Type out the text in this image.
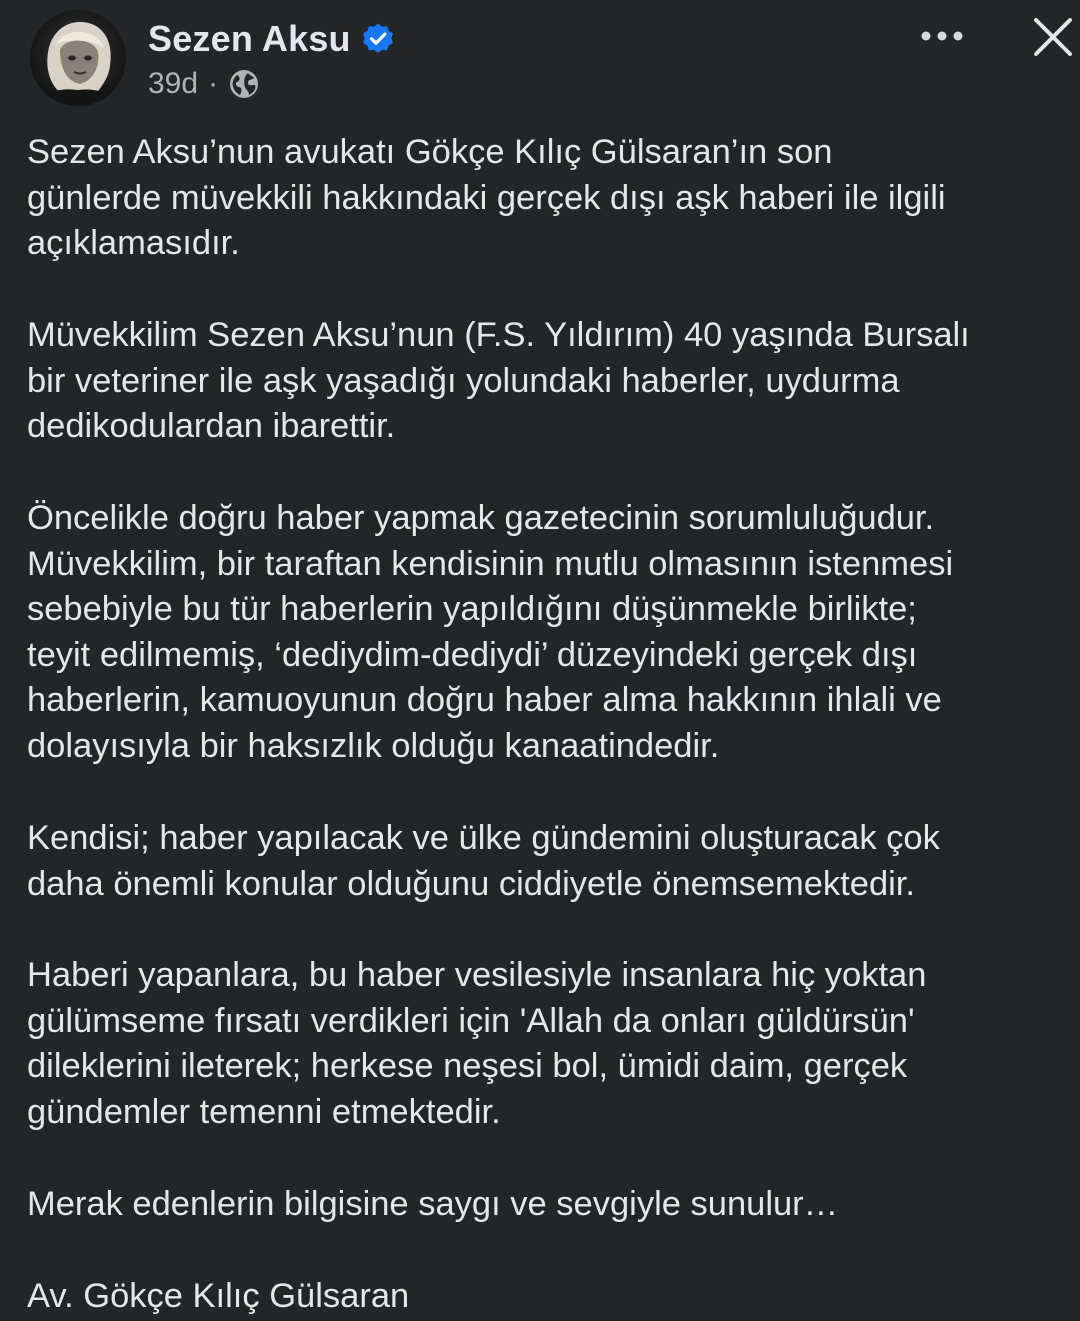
Sezen Aksu
39d ·

Sezen Aksu’nun avukatı Gökçe Kılıç Gülsaran’ın son
günlerde müvekkili hakkındaki gerçek dışı aşk haberi ile ilgili
açıklamasıdır.

Müvekkilim Sezen Aksu’nun (F.S. Yıldırım) 40 yaşında Bursalı
bir veteriner ile aşk yaşadığı yolundaki haberler, uydurma
dedikodulardan ibarettir.

Öncelikle doğru haber yapmak gazetecinin sorumluluğudur.
Müvekkilim, bir taraftan kendisinin mutlu olmasının istenmesi
sebebiyle bu tür haberlerin yapıldığını düşünmekle birlikte;
teyit edilmemiş, ‘dediydim-dediydi’ düzeyindeki gerçek dışı
haberlerin, kamuoyunun doğru haber alma hakkının ihlali ve
dolayısıyla bir haksızlık olduğu kanaatindedir.

Kendisi; haber yapılacak ve ülke gündemini oluşturacak çok
daha önemli konular olduğunu ciddiyetle önemsemektedir.

Haberi yapanlara, bu haber vesilesiyle insanlara hiç yoktan
gülümseme fırsatı verdikleri için 'Allah da onları güldürsün'
dileklerini ileterek; herkese neşesi bol, ümidi daim, gerçek
gündemler temenni etmektedir.

Merak edenlerin bilgisine saygı ve sevgiyle sunulur…

Av. Gökçe Kılıç Gülsaran
